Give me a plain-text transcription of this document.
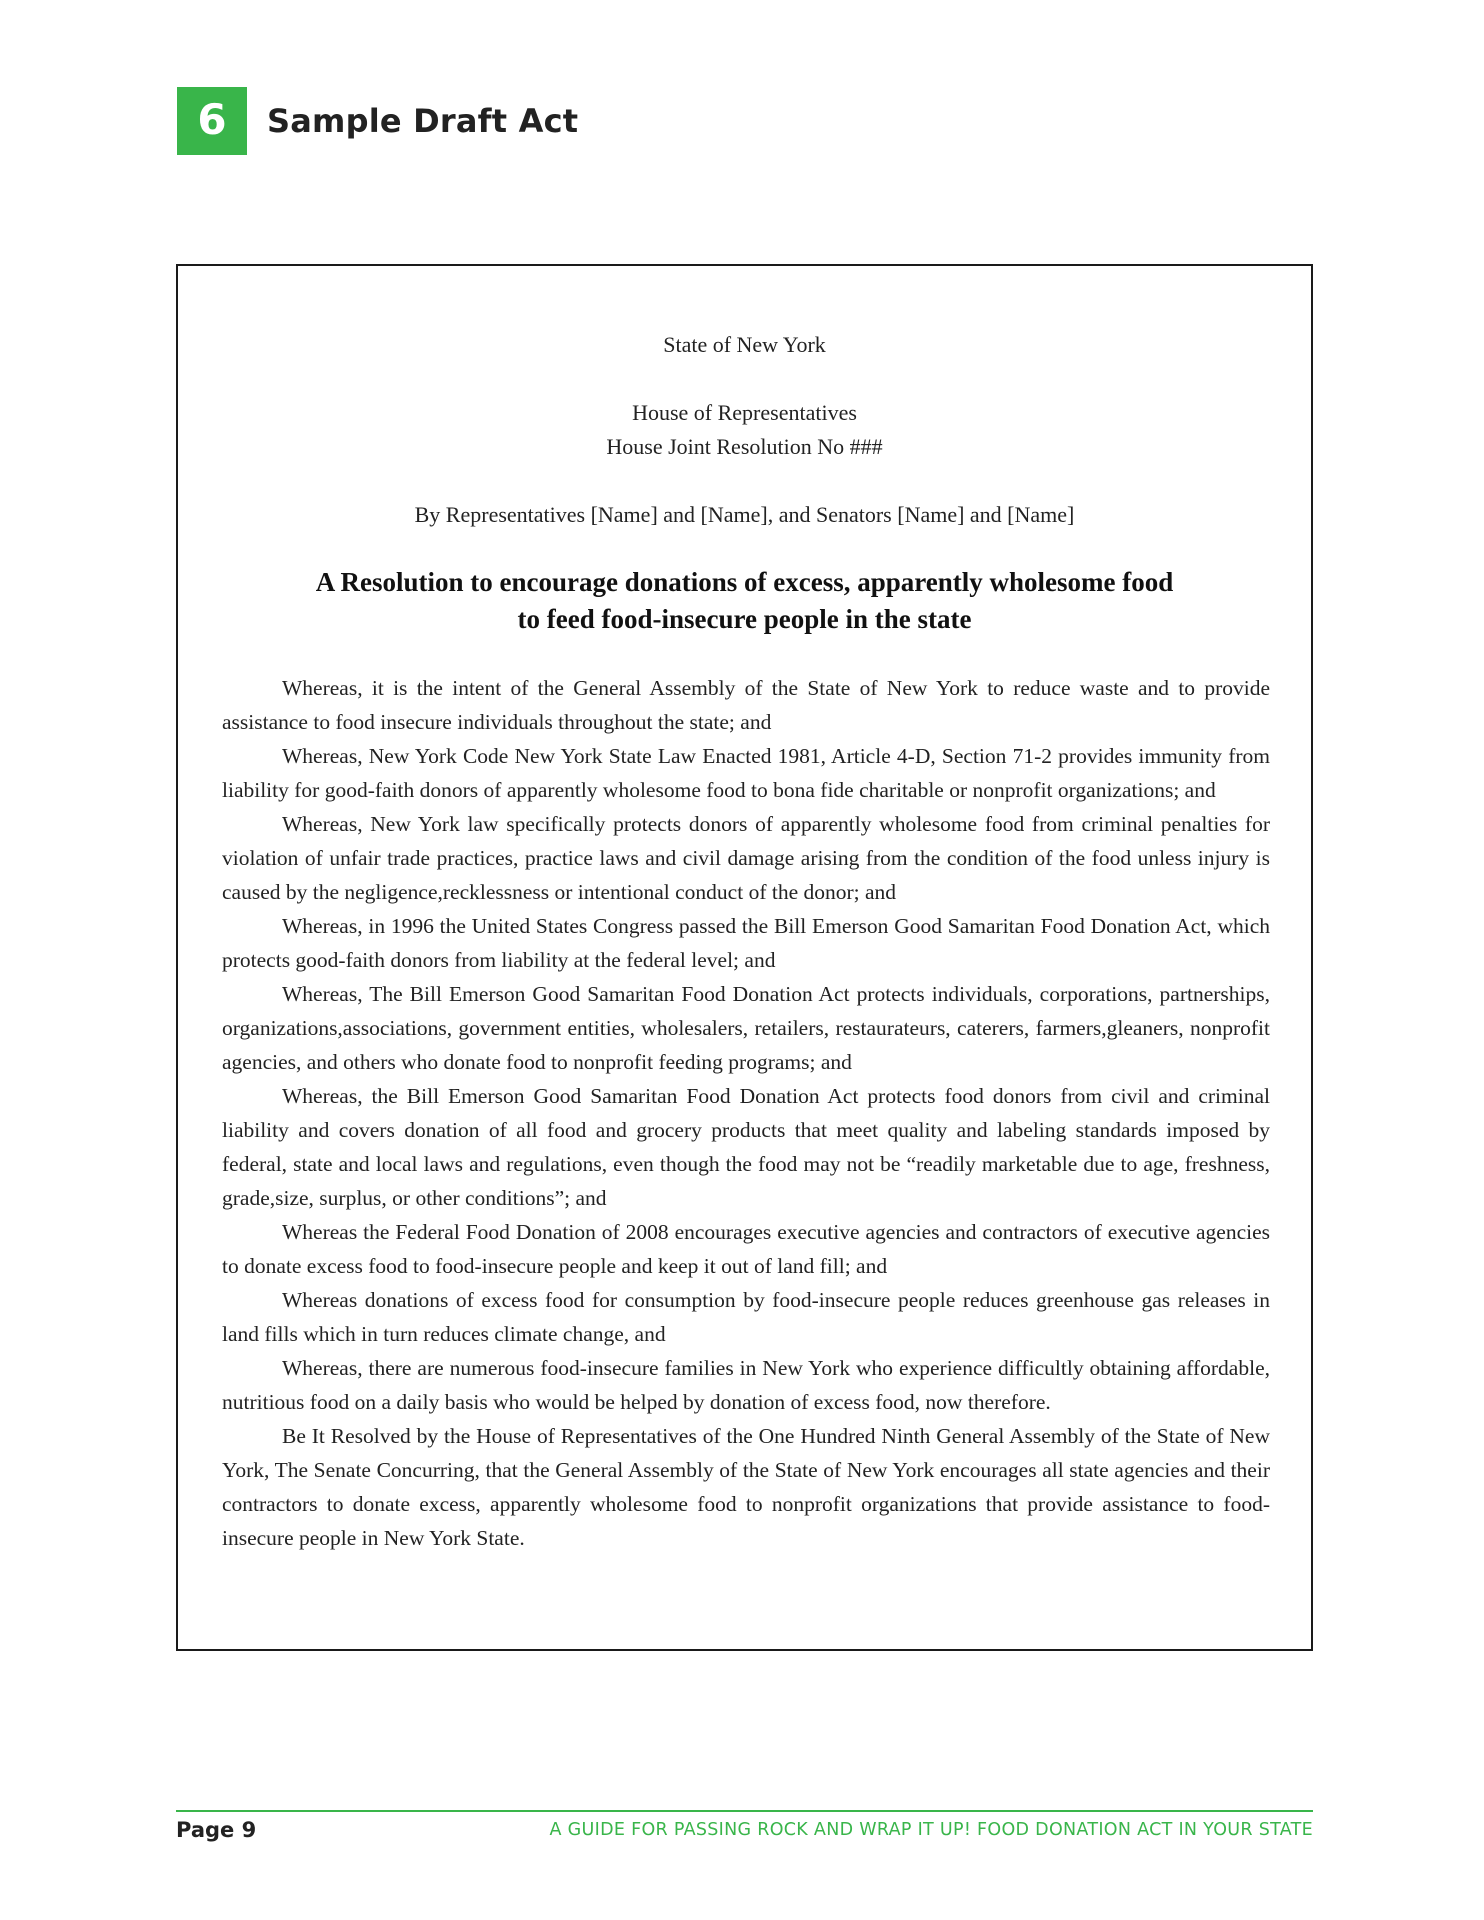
6	Sample Draft Act
State of New York
House of Representatives
House Joint Resolution No ###
By Representatives [Name] and [Name], and Senators [Name] and [Name]
A Resolution to encourage donations of excess, apparently wholesome food
to feed food-insecure people in the state

Whereas, it is the intent of the General Assembly of the State of New York to reduce waste and to provide assistance to food insecure individuals throughout the state; and

Whereas, New York Code New York State Law Enacted 1981, Article 4-D, Section 71-2 provides immunity from liability for good-faith donors of apparently wholesome food to bona fide charitable or nonprofit organizations; and

Whereas, New York law specifically protects donors of apparently wholesome food from criminal penalties for violation of unfair trade practices, practice laws and civil damage arising from the condition of the food unless injury is caused by the negligence,recklessness or intentional conduct of the donor; and

Whereas, in 1996 the United States Congress passed the Bill Emerson Good Samaritan Food Donation Act, which protects good-faith donors from liability at the federal level; and

Whereas, The Bill Emerson Good Samaritan Food Donation Act protects individuals, corporations, partnerships, organizations,associations, government entities, wholesalers, retailers, restaurateurs, caterers, farmers,gleaners, nonprofit agencies, and others who donate food to nonprofit feeding programs; and

Whereas, the Bill Emerson Good Samaritan Food Donation Act protects food donors from civil and criminal liability and covers donation of all food and grocery products that meet quality and labeling standards imposed by federal, state and local laws and regulations, even though the food may not be “readily marketable due to age, freshness, grade,size, surplus, or other conditions”; and

Whereas the Federal Food Donation of 2008 encourages executive agencies and contractors of executive agencies to donate excess food to food-insecure people and keep it out of land fill; and

Whereas donations of excess food for consumption by food-insecure people reduces greenhouse gas releases in land fills which in turn reduces climate change, and

Whereas, there are numerous food-insecure families in New York who experience difficultly obtaining affordable, nutritious food on a daily basis who would be helped by donation of excess food, now therefore.

Be It Resolved by the House of Representatives of the One Hundred Ninth General Assembly of the State of New York, The Senate Concurring, that the General Assembly of the State of New York encourages all state agencies and their contractors to donate excess, apparently wholesome food to nonprofit organizations that provide assistance to food-insecure people in New York State.

Page 9	A GUIDE FOR PASSING ROCK AND WRAP IT UP! FOOD DONATION ACT IN YOUR STATE
